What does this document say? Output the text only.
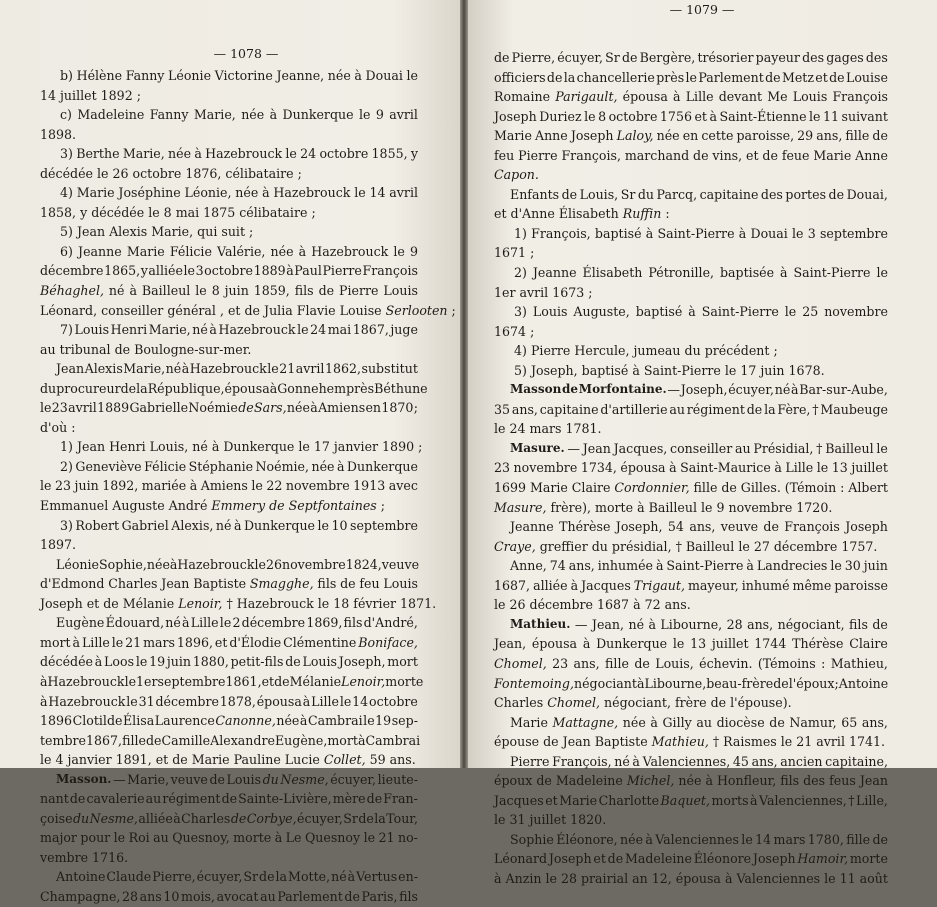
— 1078 —
b) Hélène Fanny Léonie Victorine Jeanne, née à Douai le
14 juillet 1892 ;
c) Madeleine Fanny Marie, née à Dunkerque le 9 avril
1898.
3) Berthe Marie, née à Hazebrouck le 24 octobre 1855, y
décédée le 26 octobre 1876, célibataire ;
4) Marie Joséphine Léonie, née à Hazebrouck le 14 avril
1858, y décédée le 8 mai 1875 célibataire ;
5) Jean Alexis Marie, qui suit ;
6) Jeanne Marie Félicie Valérie, née à Hazebrouck le 9
décembre 1865, y alliée le 3 octobre 1889 à Paul Pierre François
Béhaghel, né à Bailleul le 8 juin 1859, fils de Pierre Louis
Léonard, conseiller général , et de Julia Flavie Louise Serlooten ;
7) Louis Henri Marie, né à Hazebrouck le 24 mai 1867, juge
au tribunal de Boulogne-sur-mer.
Jean Alexis Marie, né à Hazebrouck le 21 avril 1862, substitut
du procureur de la République, épousa à Gonnehem près Béthune
le 23 avril 1889 Gabrielle Noémie de Sars, née à Amiens en 1870 ;
d'où :
1) Jean Henri Louis, né à Dunkerque le 17 janvier 1890 ;
2) Geneviève Félicie Stéphanie Noémie, née à Dunkerque
le 23 juin 1892, mariée à Amiens le 22 novembre 1913 avec
Emmanuel Auguste André Emmery de Septfontaines ;
3) Robert Gabriel Alexis, né à Dunkerque le 10 septembre
1897.
Léonie Sophie, née à Hazebrouck le 26 novembre 1824, veuve
d'Edmond Charles Jean Baptiste Smagghe, fils de feu Louis
Joseph et de Mélanie Lenoir, † Hazebrouck le 18 février 1871.
Eugène Édouard, né à Lille le 2 décembre 1869, fils d'André,
mort à Lille le 21 mars 1896, et d'Élodie Clémentine Boniface,
décédée à Loos le 19 juin 1880, petit-fils de Louis Joseph, mort
à Hazebrouck le 1er septembre 1861, et de Mélanie Lenoir, morte
à Hazebrouck le 31 décembre 1878, épousa à Lille le 14 octobre
1896 Clotilde Élisa Laurence Canonne, née à Cambrai le 19 sep-
tembre 1867, fille de Camille Alexandre Eugène, mort à Cambrai
le 4 janvier 1891, et de Marie Pauline Lucie Collet, 59 ans.
Masson. — Marie, veuve de Louis du Nesme, écuyer, lieute-
nant de cavalerie au régiment de Sainte-Livière, mère de Fran-
çoise du Nesme, alliée à Charles de Corbye, écuyer, Sr de la Tour,
major pour le Roi au Quesnoy, morte à Le Quesnoy le 21 no-
vembre 1716.
Antoine Claude Pierre, écuyer, Sr de la Motte, né à Vertus en-
Champagne, 28 ans 10 mois, avocat au Parlement de Paris, fils
— 1079 —
de Pierre, écuyer, Sr de Bergère, trésorier payeur des gages des
officiers de la chancellerie près le Parlement de Metz et de Louise
Romaine Parigault, épousa à Lille devant Me Louis François
Joseph Duriez le 8 octobre 1756 et à Saint-Étienne le 11 suivant
Marie Anne Joseph Laloy, née en cette paroisse, 29 ans, fille de
feu Pierre François, marchand de vins, et de feue Marie Anne
Capon.
Enfants de Louis, Sr du Parcq, capitaine des portes de Douai,
et d'Anne Élisabeth Ruffin :
1) François, baptisé à Saint-Pierre à Douai le 3 septembre
1671 ;
2) Jeanne Élisabeth Pétronille, baptisée à Saint-Pierre le
1er avril 1673 ;
3) Louis Auguste, baptisé à Saint-Pierre le 25 novembre
1674 ;
4) Pierre Hercule, jumeau du précédent ;
5) Joseph, baptisé à Saint-Pierre le 17 juin 1678.
Masson de Morfontaine. — Joseph, écuyer, né à Bar-sur-Aube,
35 ans, capitaine d'artillerie au régiment de la Fère, † Maubeuge
le 24 mars 1781.
Masure. — Jean Jacques, conseiller au Présidial, † Bailleul le
23 novembre 1734, épousa à Saint-Maurice à Lille le 13 juillet
1699 Marie Claire Cordonnier, fille de Gilles. (Témoin : Albert
Masure, frère), morte à Bailleul le 9 novembre 1720.
Jeanne Thérèse Joseph, 54 ans, veuve de François Joseph
Craye, greffier du présidial, † Bailleul le 27 décembre 1757.
Anne, 74 ans, inhumée à Saint-Pierre à Landrecies le 30 juin
1687, alliée à Jacques Trigaut, mayeur, inhumé même paroisse
le 26 décembre 1687 à 72 ans.
Mathieu. — Jean, né à Libourne, 28 ans, négociant, fils de
Jean, épousa à Dunkerque le 13 juillet 1744 Thérèse Claire
Chomel, 23 ans, fille de Louis, échevin. (Témoins : Mathieu,
Fontemoing, négociant à Libourne, beau-frère de l'époux ; Antoine
Charles Chomel, négociant, frère de l'épouse).
Marie Mattagne, née à Gilly au diocèse de Namur, 65 ans,
épouse de Jean Baptiste Mathieu, † Raismes le 21 avril 1741.
Pierre François, né à Valenciennes, 45 ans, ancien capitaine,
époux de Madeleine Michel, née à Honfleur, fils des feus Jean
Jacques et Marie Charlotte Baquet, morts à Valenciennes, † Lille,
le 31 juillet 1820.
Sophie Éléonore, née à Valenciennes le 14 mars 1780, fille de
Léonard Joseph et de Madeleine Éléonore Joseph Hamoir, morte
à Anzin le 28 prairial an 12, épousa à Valenciennes le 11 août
